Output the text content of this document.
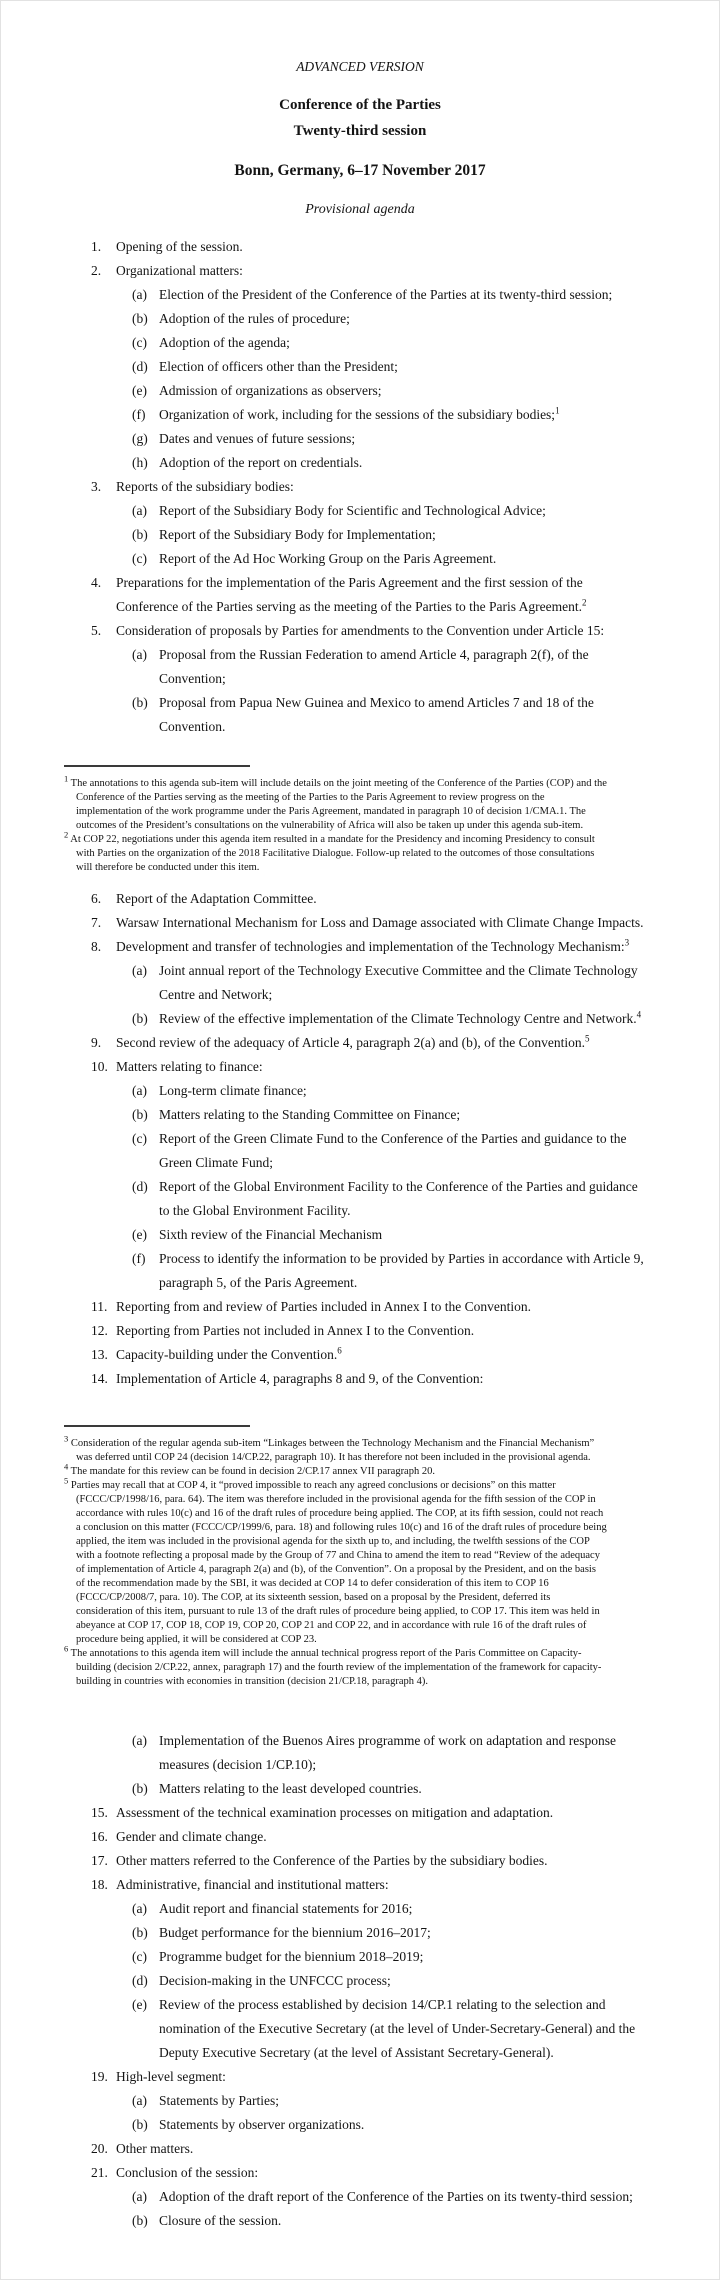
ADVANCED VERSION

Conference of the Parties

Twenty-third session

Bonn, Germany, 6–17 November 2017

Provisional agenda

1.	Opening of the session.
2.	Organizational matters:
(a) Election of the President of the Conference of the Parties at its twenty-third session;
(b) Adoption of the rules of procedure;
(c) Adoption of the agenda;
(d) Election of officers other than the President;
(e) Admission of organizations as observers;
(f)	Organization of work, including for the sessions of the subsidiary bodies;$^1$
(g) Dates and venues of future sessions;
(h) Adoption of the report on credentials.
3.	Reports of the subsidiary bodies:
(a) Report of the Subsidiary Body for Scientific and Technological Advice;
(b) Report of the Subsidiary Body for Implementation;
(c) Report of the Ad Hoc Working Group on the Paris Agreement.
4.	Preparations for the implementation of the Paris Agreement and the first session of the Conference of the Parties serving as the meeting of the Parties to the Paris Agreement.$^2$
5.	Consideration of proposals by Parties for amendments to the Convention under Article 15:
(a) Proposal from the Russian Federation to amend Article 4, paragraph 2(f), of the Convention;
(b) Proposal from Papua New Guinea and Mexico to amend Articles 7 and 18 of the Convention.

$^1$ The annotations to this agenda sub-item will include details on the joint meeting of the Conference of the Parties (COP) and the Conference of the Parties serving as the meeting of the Parties to the Paris Agreement to review progress on the implementation of the work programme under the Paris Agreement, mandated in paragraph 10 of decision 1/CMA.1. The outcomes of the President’s consultations on the vulnerability of Africa will also be taken up under this agenda sub-item.

$^2$ At COP 22, negotiations under this agenda item resulted in a mandate for the Presidency and incoming Presidency to consult with Parties on the organization of the 2018 Facilitative Dialogue. Follow-up related to the outcomes of those consultations will therefore be conducted under this item.

6.	Report of the Adaptation Committee.
7.	Warsaw International Mechanism for Loss and Damage associated with Climate Change Impacts.
8.	Development and transfer of technologies and implementation of the Technology Mechanism:$^3$
(a) Joint annual report of the Technology Executive Committee and the Climate Technology Centre and Network;
(b) Review of the effective implementation of the Climate Technology Centre and Network.$^4$
9.	Second review of the adequacy of Article 4, paragraph 2(a) and (b), of the Convention.$^5$
10. Matters relating to finance:
(a) Long-term climate finance;
(b) Matters relating to the Standing Committee on Finance;
(c) Report of the Green Climate Fund to the Conference of the Parties and guidance to the Green Climate Fund;
(d) Report of the Global Environment Facility to the Conference of the Parties and guidance to the Global Environment Facility.
(e) Sixth review of the Financial Mechanism
(f)	Process to identify the information to be provided by Parties in accordance with Article 9, paragraph 5, of the Paris Agreement.
11. Reporting from and review of Parties included in Annex I to the Convention.
12. Reporting from Parties not included in Annex I to the Convention.
13. Capacity-building under the Convention.$^6$
14. Implementation of Article 4, paragraphs 8 and 9, of the Convention:

$^3$ Consideration of the regular agenda sub-item “Linkages between the Technology Mechanism and the Financial Mechanism” was deferred until COP 24 (decision 14/CP.22, paragraph 10). It has therefore not been included in the provisional agenda.

$^4$ The mandate for this review can be found in decision 2/CP.17 annex VII paragraph 20.

$^5$ Parties may recall that at COP 4, it “proved impossible to reach any agreed conclusions or decisions” on this matter (FCCC/CP/1998/16, para. 64). The item was therefore included in the provisional agenda for the fifth session of the COP in accordance with rules 10(c) and 16 of the draft rules of procedure being applied. The COP, at its fifth session, could not reach a conclusion on this matter (FCCC/CP/1999/6, para. 18) and following rules 10(c) and 16 of the draft rules of procedure being applied, the item was included in the provisional agenda for the sixth up to, and including, the twelfth sessions of the COP with a footnote reflecting a proposal made by the Group of 77 and China to amend the item to read “Review of the adequacy of implementation of Article 4, paragraph 2(a) and (b), of the Convention”. On a proposal by the President, and on the basis of the recommendation made by the SBI, it was decided at COP 14 to defer consideration of this item to COP 16 (FCCC/CP/2008/7, para. 10). The COP, at its sixteenth session, based on a proposal by the President, deferred its consideration of this item, pursuant to rule 13 of the draft rules of procedure being applied, to COP 17. This item was held in abeyance at COP 17, COP 18, COP 19, COP 20, COP 21 and COP 22, and in accordance with rule 16 of the draft rules of procedure being applied, it will be considered at COP 23.

$^6$ The annotations to this agenda item will include the annual technical progress report of the Paris Committee on Capacity-building (decision 2/CP.22, annex, paragraph 17) and the fourth review of the implementation of the framework for capacity-building in countries with economies in transition (decision 21/CP.18, paragraph 4).

(a) Implementation of the Buenos Aires programme of work on adaptation and response measures (decision 1/CP.10);
(b) Matters relating to the least developed countries.
15. Assessment of the technical examination processes on mitigation and adaptation.
16. Gender and climate change.
17. Other matters referred to the Conference of the Parties by the subsidiary bodies.
18. Administrative, financial and institutional matters:
(a) Audit report and financial statements for 2016;
(b) Budget performance for the biennium 2016–2017;
(c) Programme budget for the biennium 2018–2019;
(d) Decision-making in the UNFCCC process;
(e) Review of the process established by decision 14/CP.1 relating to the selection and nomination of the Executive Secretary (at the level of Under-Secretary-General) and the Deputy Executive Secretary (at the level of Assistant Secretary-General).
19. High-level segment:
(a) Statements by Parties;
(b) Statements by observer organizations.
20. Other matters.
21. Conclusion of the session:
(a) Adoption of the draft report of the Conference of the Parties on its twenty-third session;
(b) Closure of the session.
